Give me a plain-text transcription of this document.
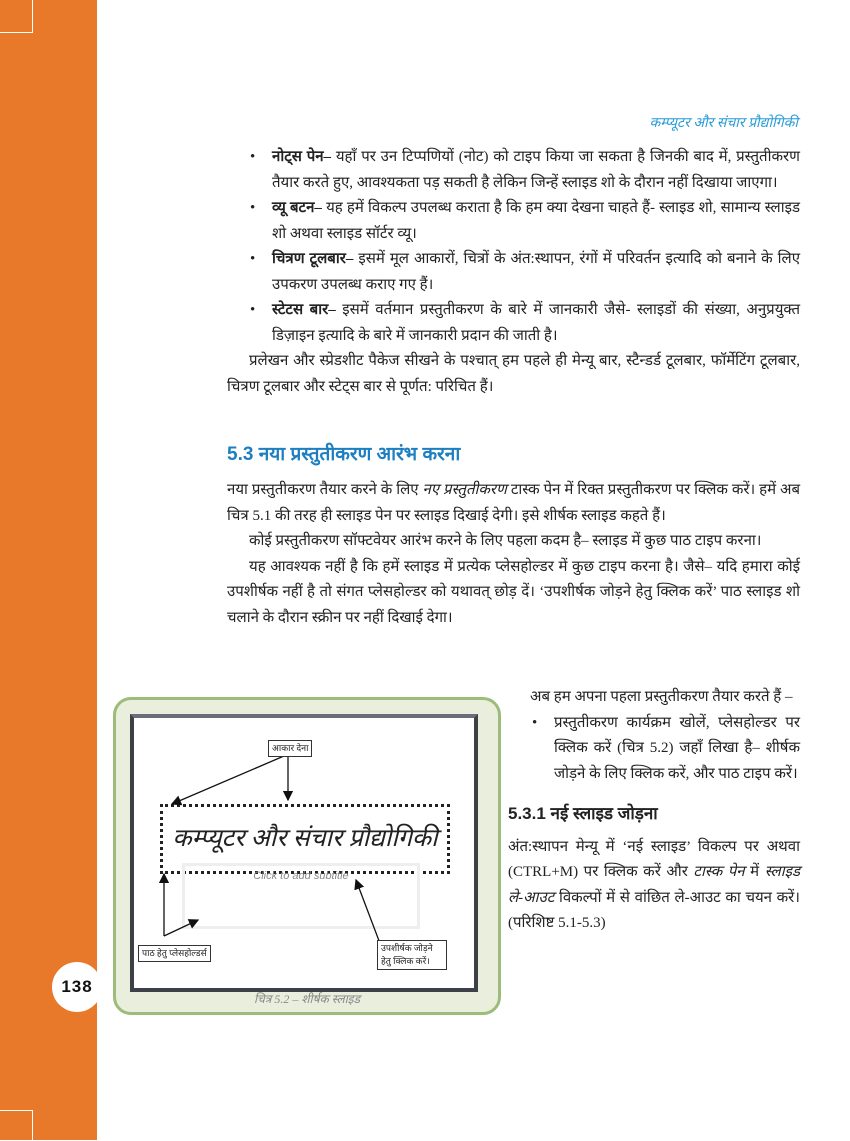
138
कम्प्यूटर और संचार प्रौद्योगिकी
• नोट्स पेन– यहाँ पर उन टिप्पणियों (नोट) को टाइप किया जा सकता है जिनकी बाद में, प्रस्तुतीकरण तैयार करते हुए, आवश्यकता पड़ सकती है लेकिन जिन्हें स्लाइड शो के दौरान नहीं दिखाया जाएगा।
• व्यू बटन– यह हमें विकल्प उपलब्ध कराता है कि हम क्या देखना चाहते हैं- स्लाइड शो, सामान्य स्लाइड शो अथवा स्लाइड सॉर्टर व्यू।
• चित्रण टूलबार– इसमें मूल आकारों, चित्रों के अंत:स्थापन, रंगों में परिवर्तन इत्यादि को बनाने के लिए उपकरण उपलब्ध कराए गए हैं।
• स्टेटस बार– इसमें वर्तमान प्रस्तुतीकरण के बारे में जानकारी जैसे- स्लाइडों की संख्या, अनुप्रयुक्त डिज़ाइन इत्यादि के बारे में जानकारी प्रदान की जाती है।
प्रलेखन और स्प्रेडशीट पैकेज सीखने के पश्चात् हम पहले ही मेन्यू बार, स्टैन्डर्ड टूलबार, फॉर्मेटिंग टूलबार, चित्रण टूलबार और स्टेट्स बार से पूर्णत: परिचित हैं।
5.3 नया प्रस्तुतीकरण आरंभ करना
नया प्रस्तुतीकरण तैयार करने के लिए नए प्रस्तुतीकरण टास्क पेन में रिक्त प्रस्तुतीकरण पर क्लिक करें। हमें अब चित्र 5.1 की तरह ही स्लाइड पेन पर स्लाइड दिखाई देगी। इसे शीर्षक स्लाइड कहते हैं।
कोई प्रस्तुतीकरण सॉफ्टवेयर आरंभ करने के लिए पहला कदम है– स्लाइड में कुछ पाठ टाइप करना।
यह आवश्यक नहीं है कि हमें स्लाइड में प्रत्येक प्लेसहोल्डर में कुछ टाइप करना है। जैसे– यदि हमारा कोई उपशीर्षक नहीं है तो संगत प्लेसहोल्डर को यथावत् छोड़ दें। ‘उपशीर्षक जोड़ने हेतु क्लिक करें’ पाठ स्लाइड शो चलाने के दौरान स्क्रीन पर नहीं दिखाई देगा।
अब हम अपना पहला प्रस्तुतीकरण तैयार करते हैं –
• प्रस्तुतीकरण कार्यक्रम खोलें, प्लेसहोल्डर पर क्लिक करें (चित्र 5.2) जहाँ लिखा है– शीर्षक जोड़ने के लिए क्लिक करें, और पाठ टाइप करें।
5.3.1 नई स्लाइड जोड़ना
अंत:स्थापन मेन्यू में ‘नई स्लाइड’ विकल्प पर अथवा (CTRL+M) पर क्लिक करें और टास्क पेन में स्लाइड ले-आउट विकल्पों में से वांछित ले-आउट का चयन करें। (परिशिष्ट 5.1-5.3)
कम्प्यूटर और संचार प्रौद्योगिकी
Click to add subtitle
आकार देना
पाठ हेतु प्लेसहोल्डर्स	उपशीर्षक जोड़ने हेतु क्लिक करें।
चित्र 5.2 – शीर्षक स्लाइड
